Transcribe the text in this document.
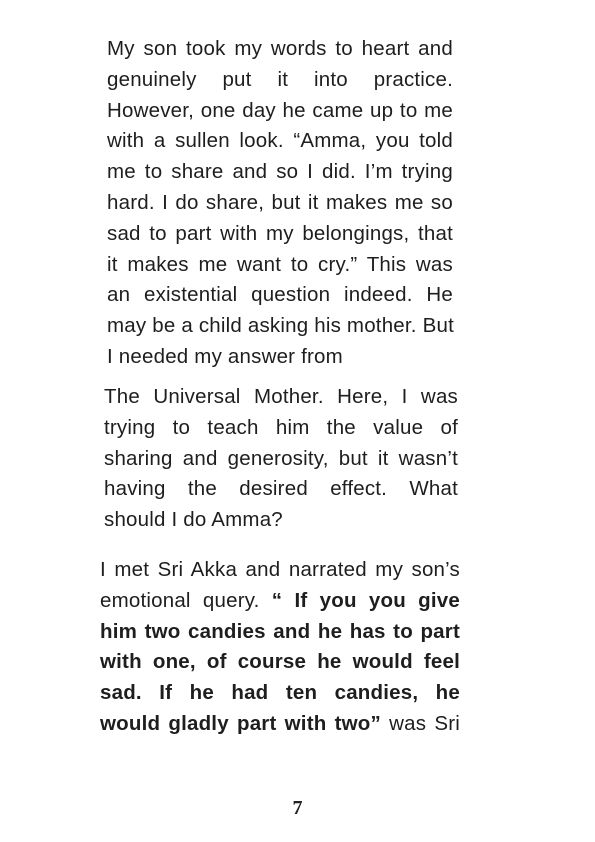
My son took my words to heart and
genuinely put it into practice.
However, one day he came up to me
with a sullen look. “Amma, you told
me to share and so I did. I’m trying
hard. I do share, but it makes me so
sad to part with my belongings, that
it makes me want to cry.” This was
an existential question indeed. He
may be a child asking his mother. But
I needed my answer from
The Universal Mother. Here, I was
trying to teach him the value of
sharing and generosity, but it wasn’t
having the desired effect. What
should I do Amma?
I met Sri Akka and narrated my son’s
emotional query. “ If you you give
him two candies and he has to part
with one, of course he would feel
sad. If he had ten candies, he
would gladly part with two” was Sri
7
